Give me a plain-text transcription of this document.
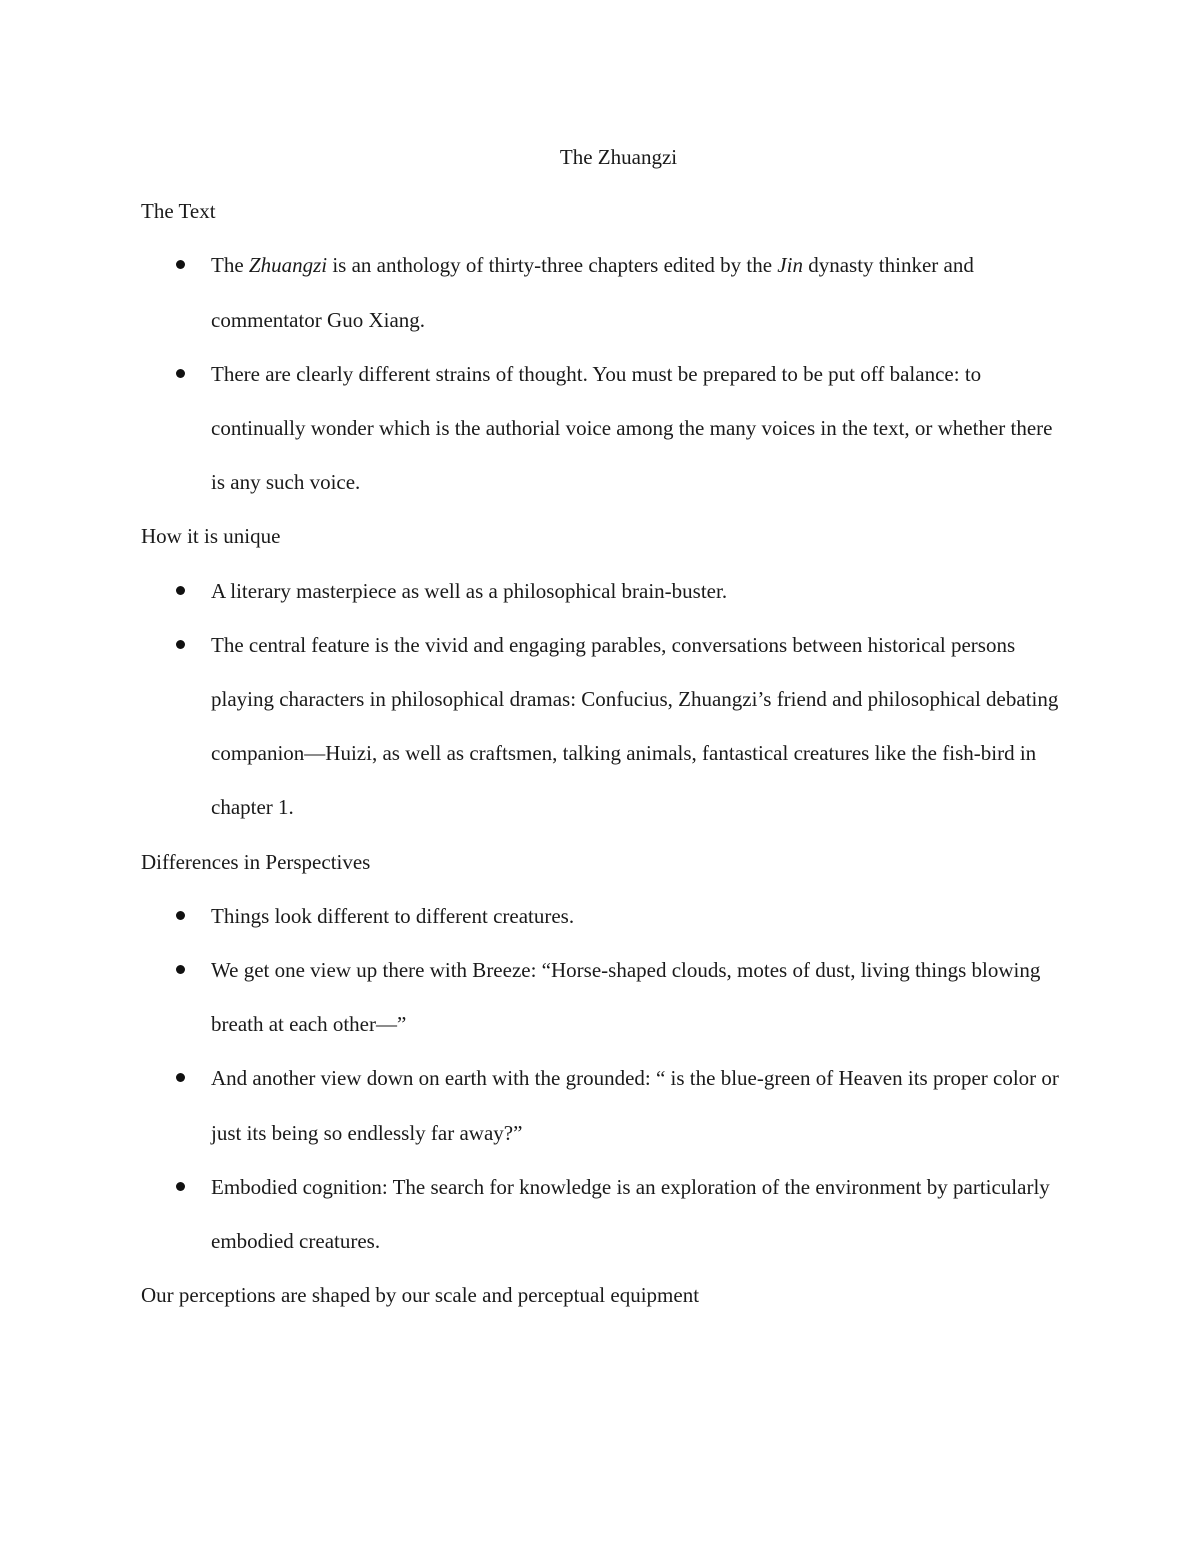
The Zhuangzi
The Text
The Zhuangzi is an anthology of thirty-three chapters edited by the Jin dynasty thinker and commentator Guo Xiang.
There are clearly different strains of thought. You must be prepared to be put off balance: to continually wonder which is the authorial voice among the many voices in the text, or whether there is any such voice.
How it is unique
A literary masterpiece as well as a philosophical brain-buster.
The central feature is the vivid and engaging parables, conversations between historical persons playing characters in philosophical dramas: Confucius, Zhuangzi’s friend and philosophical debating companion—Huizi, as well as craftsmen, talking animals, fantastical creatures like the fish-bird in chapter 1.
Differences in Perspectives
Things look different to different creatures.
We get one view up there with Breeze: “Horse-shaped clouds, motes of dust, living things blowing breath at each other—”
And another view down on earth with the grounded: “ is the blue-green of Heaven its proper color or just its being so endlessly far away?”
Embodied cognition: The search for knowledge is an exploration of the environment by particularly embodied creatures.

Our perceptions are shaped by our scale and perceptual equipment
